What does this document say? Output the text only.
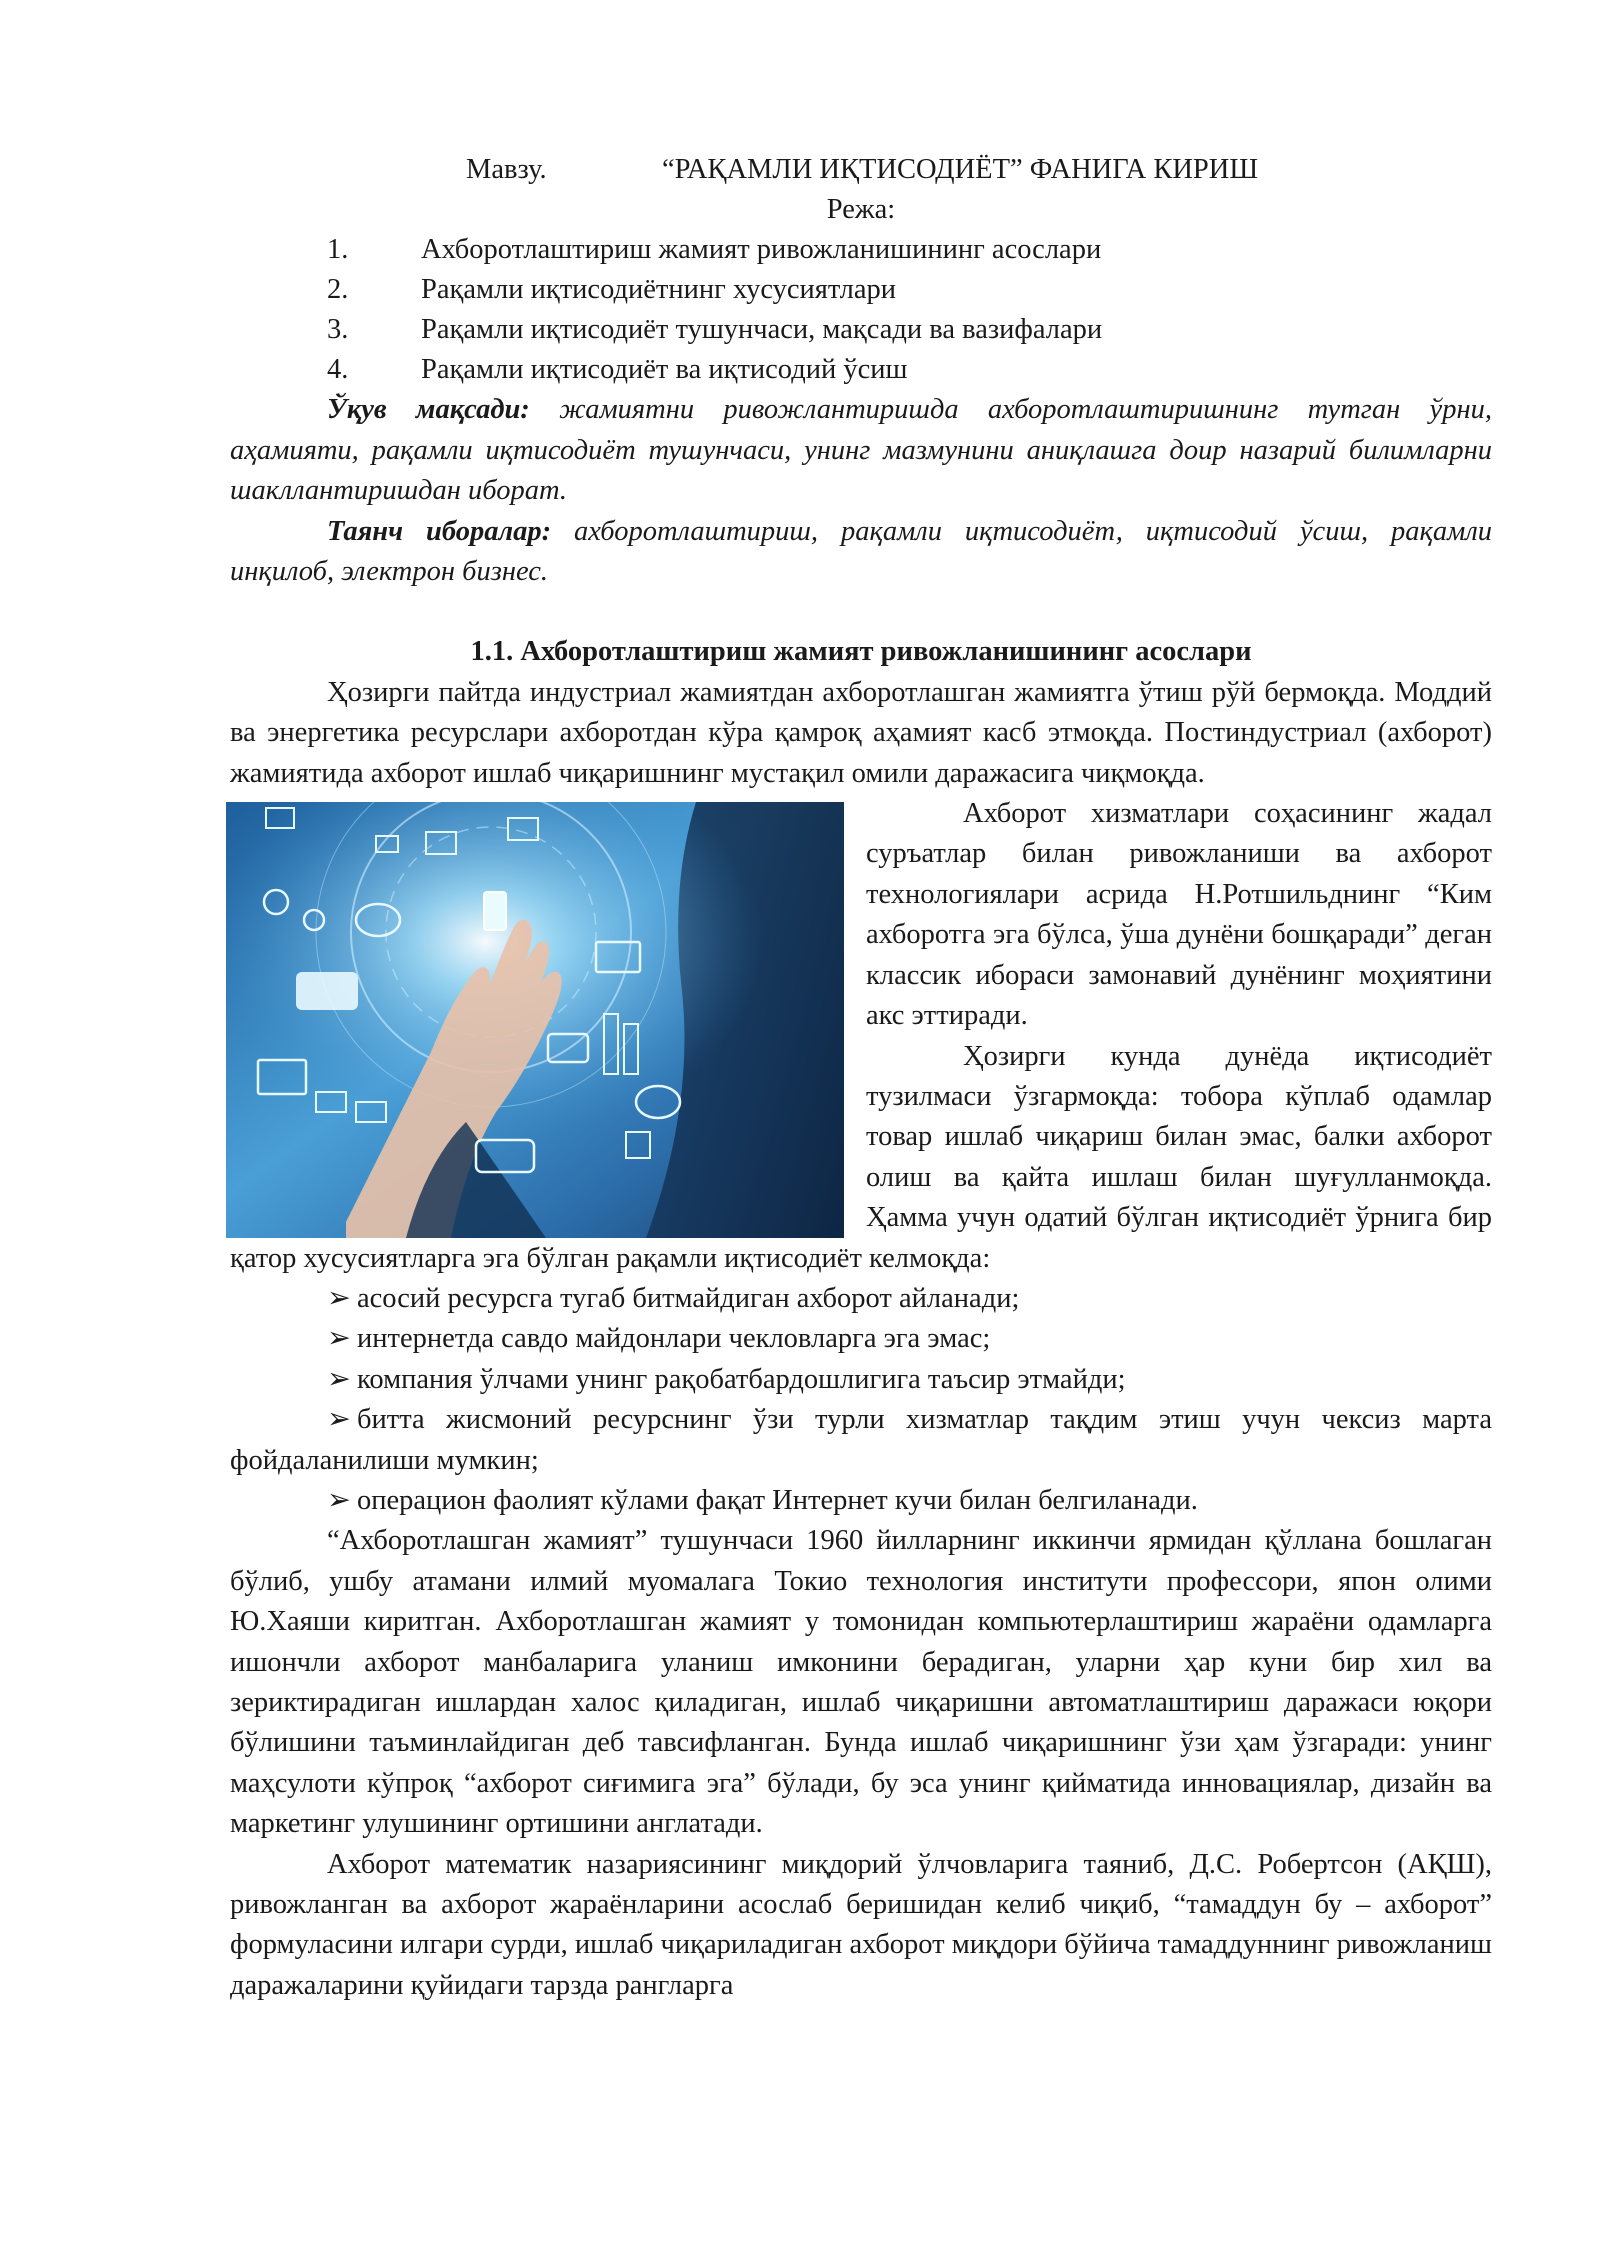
Мавзу.	“РАҚАМЛИ ИҚТИСОДИЁТ” ФАНИГА КИРИШ
Режа:
1.	Ахборотлаштириш жамият ривожланишининг асослари
2.	Рақамли иқтисодиётнинг хусусиятлари
3.	Рақамли иқтисодиёт тушунчаси, мақсади ва вазифалари
4.	Рақамли иқтисодиёт ва иқтисодий ўсиш

Ўқув мақсади: жамиятни ривожлантиришда ахборотлаштиришнинг тутган ўрни, аҳамияти, рақамли иқтисодиёт тушунчаси, унинг мазмунини аниқлашга доир назарий билимларни шакллантиришдан иборат.

Таянч иборалар: ахборотлаштириш, рақамли иқтисодиёт, иқтисодий ўсиш, рақамли инқилоб, электрон бизнес.

1.1. Ахборотлаштириш жамият ривожланишининг асослари

Ҳозирги пайтда индустриал жамиятдан ахборотлашган жамиятга ўтиш рўй бермоқда. Моддий ва энергетика ресурслари ахборотдан кўра қамроқ аҳамият касб этмоқда. Постиндустриал (ахборот) жамиятида ахборот ишлаб чиқаришнинг мустақил омили даражасига чиқмоқда.

Ахборот хизматлари соҳасининг жадал суръатлар билан ривожланиши ва ахборот технологиялари асрида Н.Ротшильднинг “Ким ахборотга эга бўлса, ўша дунёни бошқаради” деган классик ибораси замонавий дунёнинг моҳиятини акс эттиради.

Ҳозирги кунда дунёда иқтисодиёт тузилмаси ўзгармоқда: тобора кўплаб одамлар товар ишлаб чиқариш билан эмас, балки ахборот олиш ва қайта ишлаш билан шуғулланмоқда. Ҳамма учун одатий бўлган иқтисодиёт ўрнига бир қатор хусусиятларга эга бўлган рақамли иқтисодиёт келмоқда:

➢ асосий ресурсга тугаб битмайдиган ахборот айланади;

➢ интернетда савдо майдонлари чекловларга эга эмас;

➢ компания ўлчами унинг рақобатбардошлигига таъсир этмайди;

➢ битта жисмоний ресурснинг ўзи турли хизматлар тақдим этиш учун чексиз марта фойдаланилиши мумкин;

➢ операцион фаолият кўлами фақат Интернет кучи билан белгиланади.

“Ахборотлашган жамият” тушунчаси 1960 йилларнинг иккинчи ярмидан қўллана бошлаган бўлиб, ушбу атамани илмий муомалага Токио технология институти профессори, япон олими Ю.Хаяши киритган. Ахборотлашган жамият у томонидан компьютерлаштириш жараёни одамларга ишончли ахборот манбаларига уланиш имконини берадиган, уларни ҳар куни бир хил ва зериктирадиган ишлардан халос қиладиган, ишлаб чиқаришни автоматлаштириш даражаси юқори бўлишини таъминлайдиган деб тавсифланган. Бунда ишлаб чиқаришнинг ўзи ҳам ўзгаради: унинг маҳсулоти кўпроқ “ахборот сиғимига эга” бўлади, бу эса унинг қийматида инновациялар, дизайн ва маркетинг улушининг ортишини англатади.

Ахборот математик назариясининг миқдорий ўлчовларига таяниб, Д.С. Робертсон (АҚШ), ривожланган ва ахборот жараёнларини асослаб беришидан келиб чиқиб, “тамаддун бу – ахборот” формуласини илгари сурди, ишлаб чиқариладиган ахборот миқдори бўйича тамаддуннинг ривожланиш даражаларини қуйидаги тарзда рангларга
